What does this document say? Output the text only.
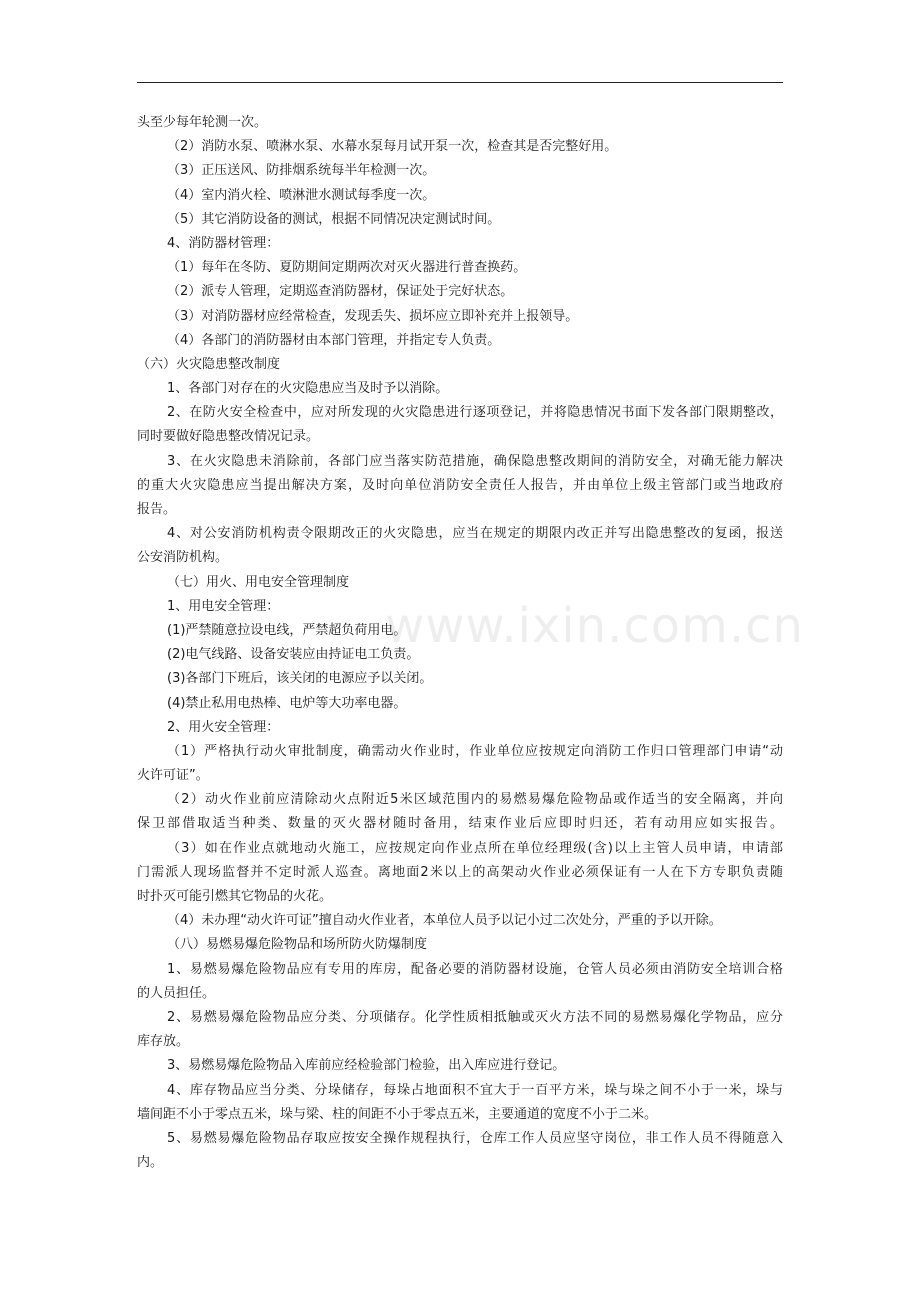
头至少每年轮测一次。
（2）消防水泵、喷淋水泵、水幕水泵每月试开泵一次，检查其是否完整好用。
（3）正压送风、防排烟系统每半年检测一次。
（4）室内消火栓、喷淋泄水测试每季度一次。
（5）其它消防设备的测试，根据不同情况决定测试时间。
4、消防器材管理：
（1）每年在冬防、夏防期间定期两次对灭火器进行普查换药。
（2）派专人管理，定期巡查消防器材，保证处于完好状态。
（3）对消防器材应经常检查，发现丢失、损坏应立即补充并上报领导。
（4）各部门的消防器材由本部门管理，并指定专人负责。
（六）火灾隐患整改制度
1、各部门对存在的火灾隐患应当及时予以消除。
2、在防火安全检查中，应对所发现的火灾隐患进行逐项登记，并将隐患情况书面下发各部门限期整改，
同时要做好隐患整改情况记录。
3、在火灾隐患未消除前，各部门应当落实防范措施，确保隐患整改期间的消防安全，对确无能力解决
的重大火灾隐患应当提出解决方案，及时向单位消防安全责任人报告，并由单位上级主管部门或当地政府
报告。
4、对公安消防机构责令限期改正的火灾隐患，应当在规定的期限内改正并写出隐患整改的复函，报送
公安消防机构。
（七）用火、用电安全管理制度
1、用电安全管理：
(1)严禁随意拉设电线，严禁超负荷用电。
(2)电气线路、设备安装应由持证电工负责。
(3)各部门下班后，该关闭的电源应予以关闭。
(4)禁止私用电热棒、电炉等大功率电器。
2、用火安全管理：
（1）严格执行动火审批制度，确需动火作业时，作业单位应按规定向消防工作归口管理部门申请“动
火许可证”。
（2）动火作业前应清除动火点附近5米区域范围内的易燃易爆危险物品或作适当的安全隔离，并向
保卫部借取适当种类、数量的灭火器材随时备用，结束作业后应即时归还，若有动用应如实报告。
（3）如在作业点就地动火施工，应按规定向作业点所在单位经理级(含)以上主管人员申请，申请部
门需派人现场监督并不定时派人巡查。离地面2米以上的高架动火作业必须保证有一人在下方专职负责随
时扑灭可能引燃其它物品的火花。
（4）未办理“动火许可证”擅自动火作业者，本单位人员予以记小过二次处分，严重的予以开除。
（八）易燃易爆危险物品和场所防火防爆制度
1、易燃易爆危险物品应有专用的库房，配备必要的消防器材设施，仓管人员必须由消防安全培训合格
的人员担任。
2、易燃易爆危险物品应分类、分项储存。化学性质相抵触或灭火方法不同的易燃易爆化学物品，应分
库存放。
3、易燃易爆危险物品入库前应经检验部门检验，出入库应进行登记。
4、库存物品应当分类、分垛储存，每垛占地面积不宜大于一百平方米，垛与垛之间不小于一米，垛与
墙间距不小于零点五米，垛与梁、柱的间距不小于零点五米，主要通道的宽度不小于二米。
5、易燃易爆危险物品存取应按安全操作规程执行，仓库工作人员应坚守岗位，非工作人员不得随意入
内。
www.ixin.com.cn
